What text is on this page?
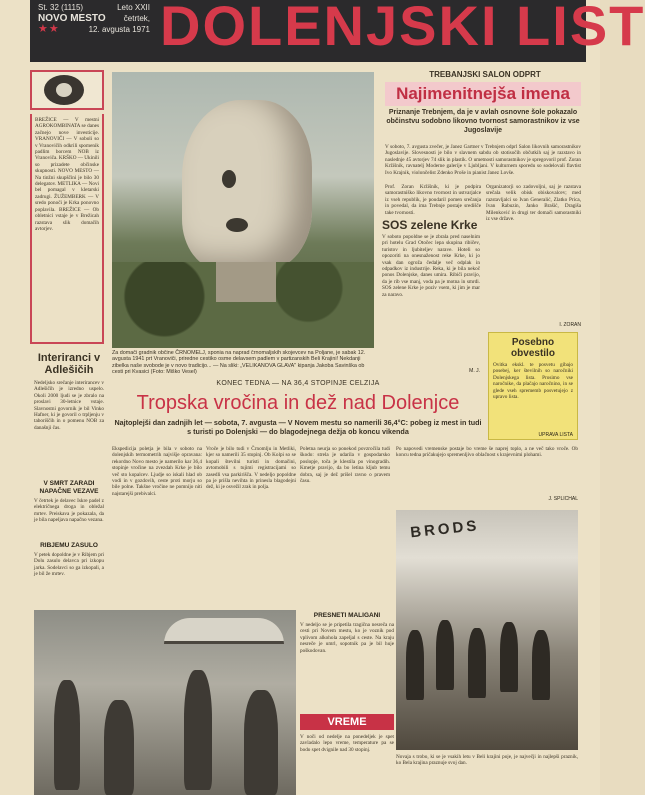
St. 32 (1115)	Leto XXII
NOVO MESTO četrtek,
★★	12. avgusta 1971 DOLENJSKI LIST
BREŽICE — V mestni AGROKOMBINATA se danes začnejo nove investicije. VRANOVIČI — V soboli so v Vranovičih odkrili spomenik padlim borcem NOB iz Vranoviča. KRŠKO — Ukinili so prizadete občinske skupnosti. NOVO MESTO — Na tinžni skupščini je bilo 30 delegatov. METLIKA — Novi bel pomagal v kletarski zadrugi. ŽUŽEMBERK — V sredo ponoči je Krka ponovno poplavila. BREŽICE — Ob obletnici vstaje je v Brežicah razstava slik domačih avtorjev.
Za domači gradnik občine ČRNOMELJ, sponia na naprad črnomaljskih skojevcev na Poljane, je sabak 12. avgusta 1941 prt Vranoviči, priredne cestiko osme delavsem padlem v partizanskih Beli Krajini! Nekdanji zibelka naše svobode je v novo tradicijo... — Na sliki: „VELIKANOVA GLAVA" kipanja Jakoba Savinška ob cesti pri Kvasici (Foto: Miško Vesel)
TREBANJSKI SALON ODPRT
Najimenitnejša imena
Priznanje Trebnjem, da je v avlah osnovne šole pokazalo občinstvu sodobno likovno tvornost samorastnikov iz vse Jugoslavije
V soboto, 7. avgusta zvečer, je Janez Gartner v Trebnjem odprl Salon likovnih samorastnikov Jugoslavije. Slovesnosti je bilo v slavnem sabdu ob stotisočih občutkih saj je razstavo in naslednje 45 avtorjev 74 slik in plastik. O umetnosti samorastnikov je spregovoril prof. Zoran Kržišnik, ravnatelj Moderne galerije v Ljubljani. V kulturnem sporedu so sodelovali flavtist Ivo Krajnik, violončelist Zdenko Proše in pianist Janez Lovše.
Prof. Zoran Kržišnik, ki je podpira samorastniško likovno tvornost in ustvarjalce iz vseh republik, je poudaril pomen srečanja in povedal, da ima Trebnje postaje središče take tvornosti.
Organizatorji so zadovoljni, saj je razstava srečala velik obisk obiskovalcev; med razstavljalci so Ivan Generalić, Zlatko Prica, Ivan Rabuzin, Janko Brašić, Dragiša Milenković in drugi ter domači samorastniki iz vse države.
I. ZORAN
SOS zelene Krke
V soboto popoldne se je zbrala pred naselnim pri hotelu Grad Otočec lepa skupina ribičev, turistov in ljubiteljev narave. Hoteli so opozoriti na onesnaženost reke Krke, ki jo vsak dan ogroža čedalje več odplak in odpadkov iz industrije. Reka, ki je bila nekoč ponos Dolenjske, danes umira. Ribiči pravijo, da je rib vse manj, voda pa je motna in smrdi. SOS zelene Krke je poziv vsem, ki jim je mar za naravo.
M. J.
Posebno obvestilo
Ovitka ekskl. te posvetu gibajo posebej, ker številnih so naročniki Dolenjskega lista. Prosimo vse naročnike, da plačajo naročnino, in se glede vseh sprememb posvetujejo z upravo lista.
UPRAVA LISTA
Interiranci v Adlešičih
Nedeljsko srečanje interirancev v Adlešičih je izredno uspelo. Okoli 2000 ljudi se je zbralo na proslavi 30-letnice vstaje. Slavnostni govornik je bil Vinko Hafner, ki je govoril o trpljenju v taboriščih in o pomenu NOB za današnji čas.
V SMRT ZARADI NAPAČNE VEZAVE
V četrtek je delavec Iskre padel z električnega droga in obležal mrtev. Preiskava je pokazala, da je bila napeljava napačno vezana.
RIBJEMU ZASULO
V petek dopoldne je v Ribjem pri Dolu zasulo delavca pri izkopu jarka. Sodelavci so ga izkopali, a je bil že mrtev.
KONEC TEDNA — NA 36,4 STOPINJE CELZIJA
Tropska vročina in dež nad Dolenjce
Najtoplejši dan zadnjih let — sobota, 7. avgusta — V Novem mestu so namerili 36,4°C: pobeg iz mest in tudi s turisti po Dolenjski — do blagodejnega dežja ob koncu vikenda
Ekspedicija poletja je bila v soboto na dolenjskih termometrih najvišje opravana: rekordno Novo mesto je namerilo kar 36,4 stopinje vročine na zvezdah Krke je bilo več sto kopalcev. Ljudje so iskali hlad ob vodi in v gozdovih, ceste proti morju so bile polne. Takšne vročine ne pomnijo niti najstarejši prebivalci.
Vroče je bilo tudi v Črnomlju in Metliki, kjer so namerili 35 stopinj. Ob Kolpi so se kopali številni turisti in domačini, avtomobili s tujimi registracijami so zasedli vsa parkirišča. V nedeljo popoldne pa je prišla nevihta in prinesla blagodejni dež, ki je osvežil zrak in polja.
Poletna neurja so ponekod povzročila tudi škodo: strela je udarila v gospodarsko poslopje, toča je klestila po vinogradih. Kmetje pravijo, da bo letina kljub temu dobra, saj je dež prišel ravno o pravem času.
Po napovedi vremenske postaje bo vreme še naprej toplo, a ne več tako vroče. Ob koncu tedna pričakujejo spremenljivo oblačnost s krajevnimi plohami.
J. SPLICHAL
PRESNETI MALIGANI
V nedeljo se je pripetila tragična nesreča na cesti pri Novem mestu, ko je voznik pod vplivom alkohola zapeljal s ceste. Na kraju nesreče je umrl, sopotnik pa je bil huje poškodovan.
VREME
V noči od nedelje na ponedeljek je spet zavladalo lepo vreme, temperature pa se bodo spet dvignile nad 30 stopinj.
BRODS
Novaja s trobo, ki se je vsakih letu v Beli krajini poje, je največji in najlepši praznik, ko Bela krajina praznuje svoj dan.
